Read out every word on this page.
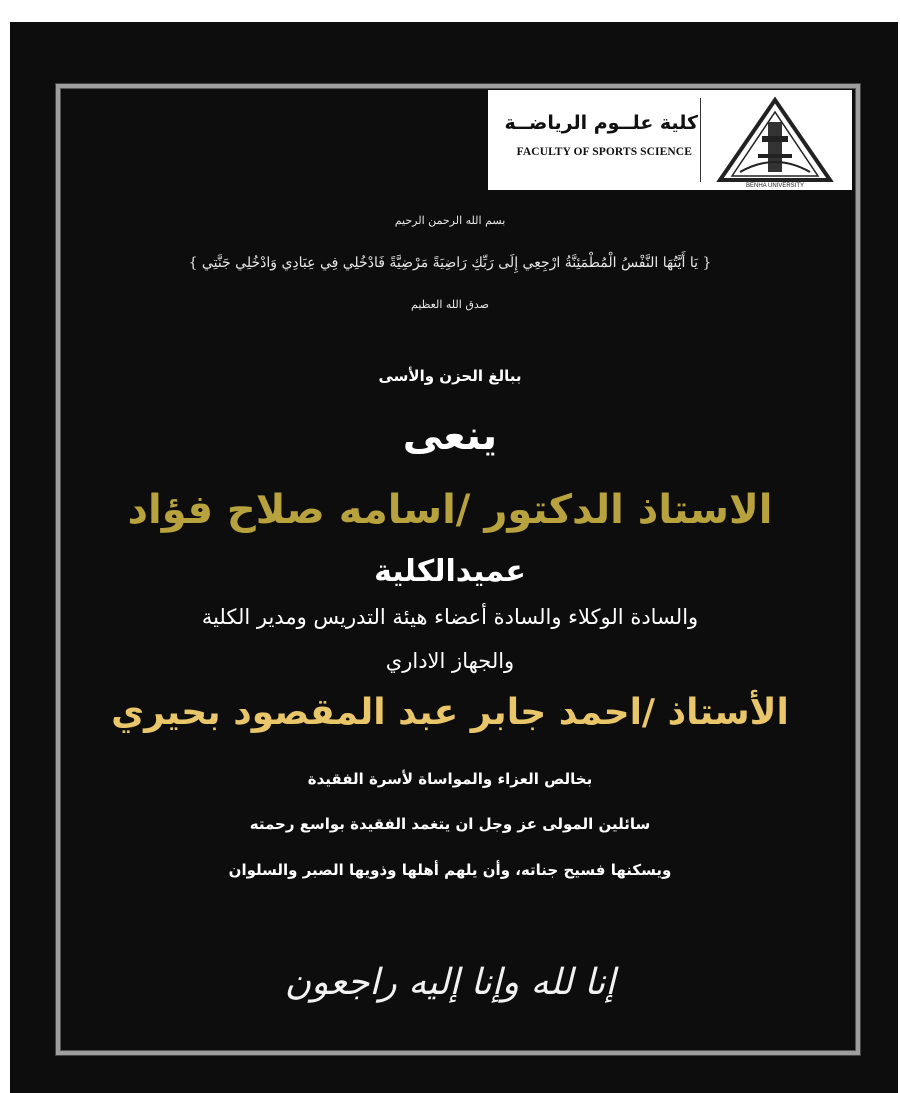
كلية علــوم الرياضــة
FACULTY OF SPORTS SCIENCE
BENHA UNIVERSITY
بسم الله الرحمن الرحيم
{ يَا أَيَّتُهَا النَّفْسُ الْمُطْمَئِنَّةُ ارْجِعِي إِلَى رَبِّكِ رَاضِيَةً مَرْضِيَّةً فَادْخُلِي فِي عِبَادِي وَادْخُلِي جَنَّتِي }
صدق الله العظيم
ببالغ الحزن والأسى
ينعى
الاستاذ الدكتور /اسامه صلاح فؤاد
عميدالكلية
والسادة الوكلاء والسادة أعضاء هيئة التدريس ومدير الكلية
والجهاز الاداري
الأستاذ /احمد جابر عبد المقصود بحيري
بخالص العزاء والمواساة لأسرة الفقيدة
سائلين المولى عز وجل ان يتغمد الفقيدة بواسع رحمته
ويسكنها فسيح جناته، وأن يلهم أهلها وذويها الصبر والسلوان
إنا لله وإنا إليه راجعون
